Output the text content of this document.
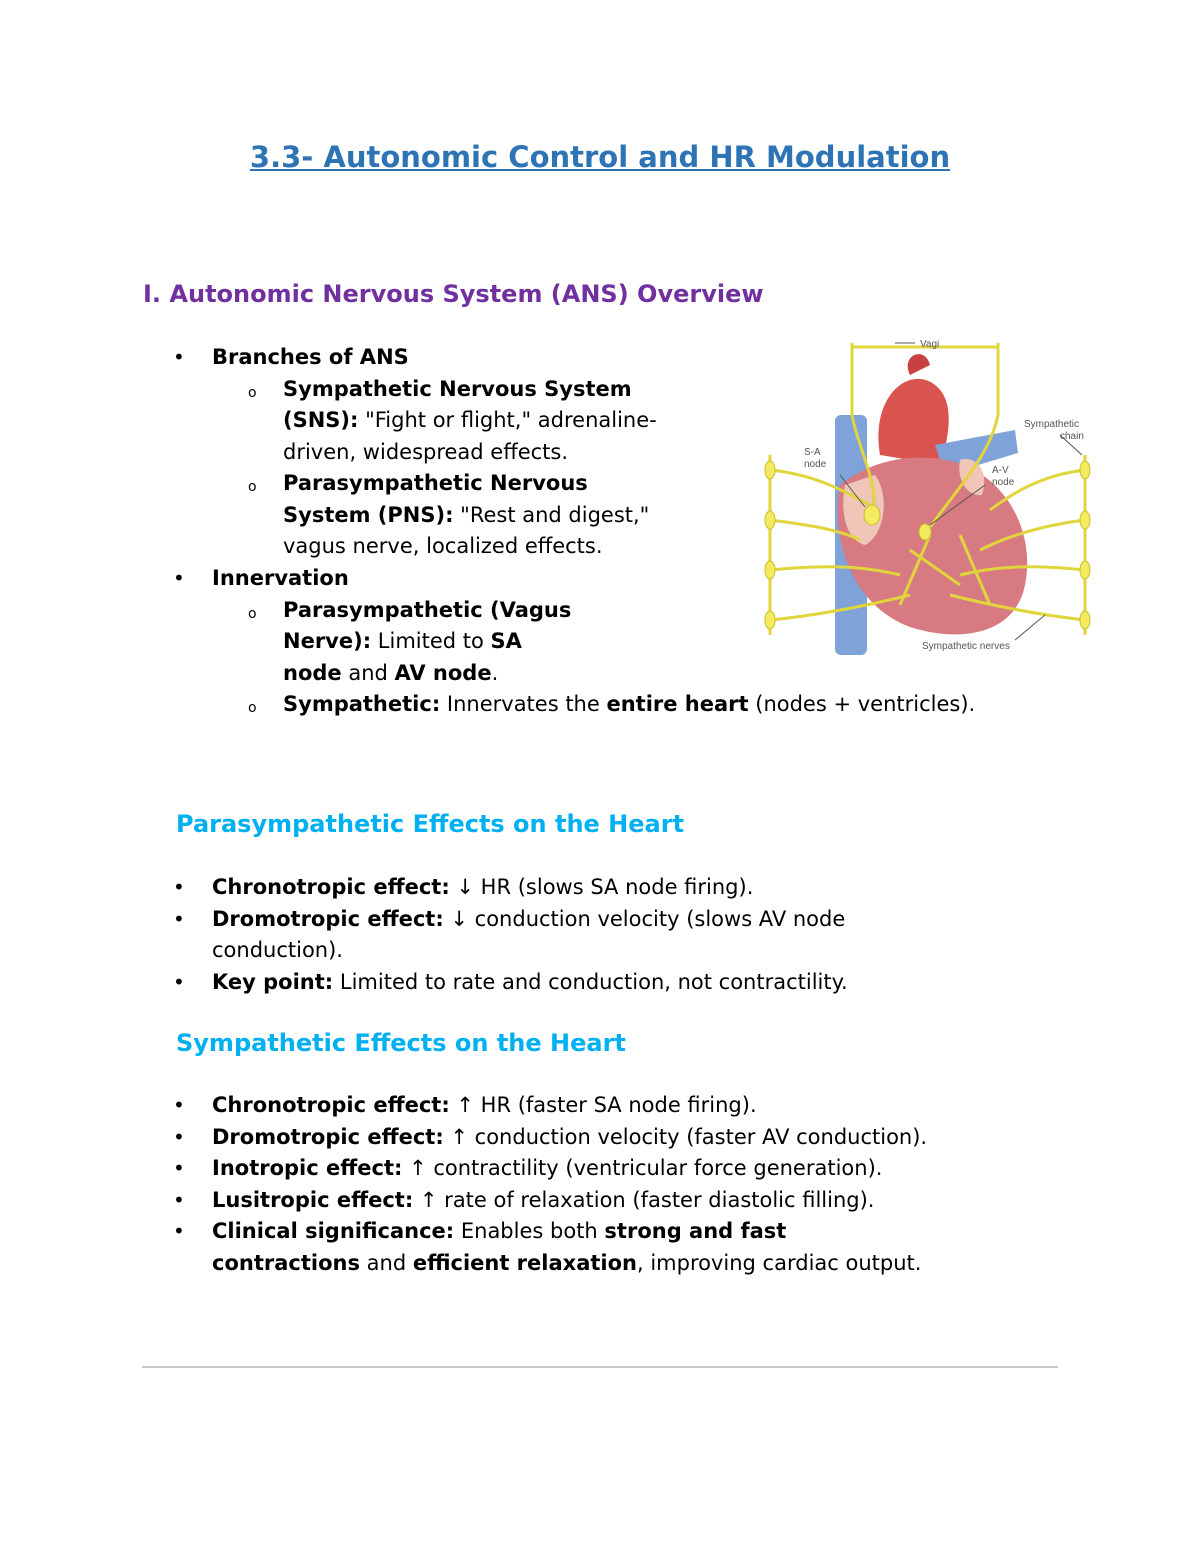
3.3- Autonomic Control and HR Modulation
I. Autonomic Nervous System (ANS) Overview
• Branches of ANS
o Sympathetic Nervous System
(SNS): "Fight or flight," adrenaline-
driven, widespread effects.
o Parasympathetic Nervous
System (PNS): "Rest and digest,"
vagus nerve, localized effects.
• Innervation
o Parasympathetic (Vagus
Nerve): Limited to SA
node and AV node.
o Sympathetic: Innervates the entire heart (nodes + ventricles).
Vagi
S-A
node
A-V
node
Sympathetic
chain
Sympathetic nerves
Parasympathetic Effects on the Heart
• Chronotropic effect: ↓ HR (slows SA node firing).
• Dromotropic effect: ↓ conduction velocity (slows AV node
conduction).
• Key point: Limited to rate and conduction, not contractility.
Sympathetic Effects on the Heart
• Chronotropic effect: ↑ HR (faster SA node firing).
• Dromotropic effect: ↑ conduction velocity (faster AV conduction).
• Inotropic effect: ↑ contractility (ventricular force generation).
• Lusitropic effect: ↑ rate of relaxation (faster diastolic filling).
• Clinical significance: Enables both strong and fast
contractions and efficient relaxation, improving cardiac output.
